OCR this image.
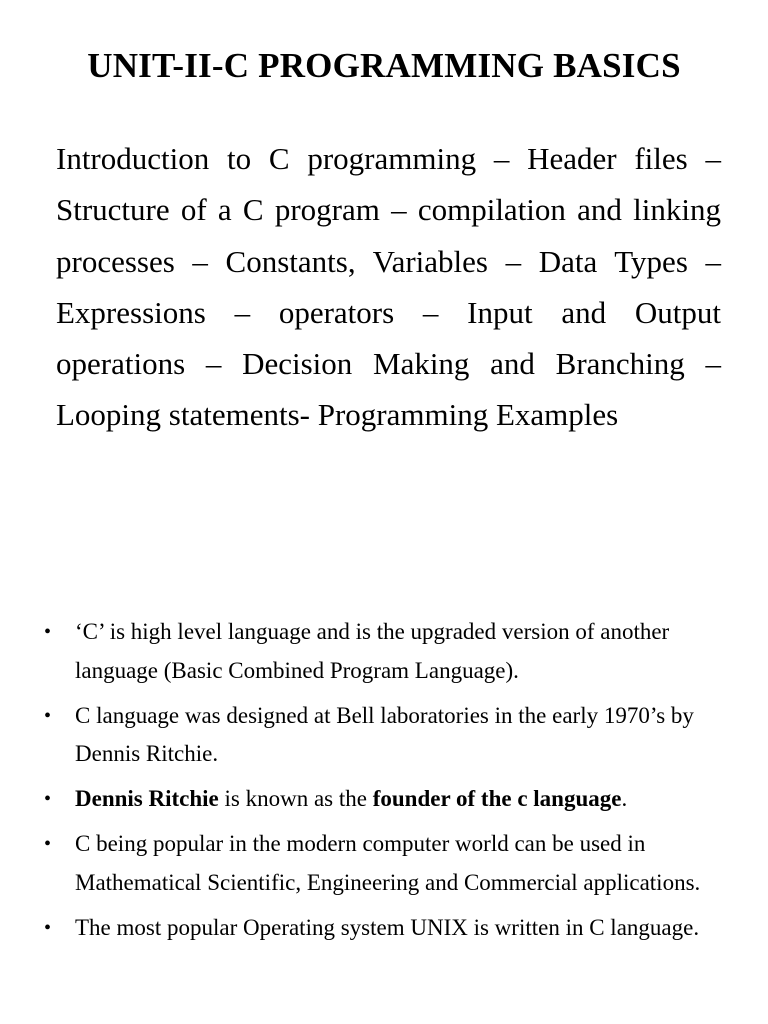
UNIT-II-C PROGRAMMING BASICS
Introduction to C programming – Header files – Structure of a C program – compilation and linking processes – Constants, Variables – Data Types – Expressions – operators – Input and Output operations – Decision Making and Branching – Looping statements- Programming Examples
• ‘C’ is high level language and is the upgraded version of another language (Basic Combined Program Language).
• C language was designed at Bell laboratories in the early 1970’s by Dennis Ritchie.
• Dennis Ritchie is known as the founder of the c language.
• C being popular in the modern computer world can be used in Mathematical Scientific, Engineering and Commercial applications.
• The most popular Operating system UNIX is written in C language.
